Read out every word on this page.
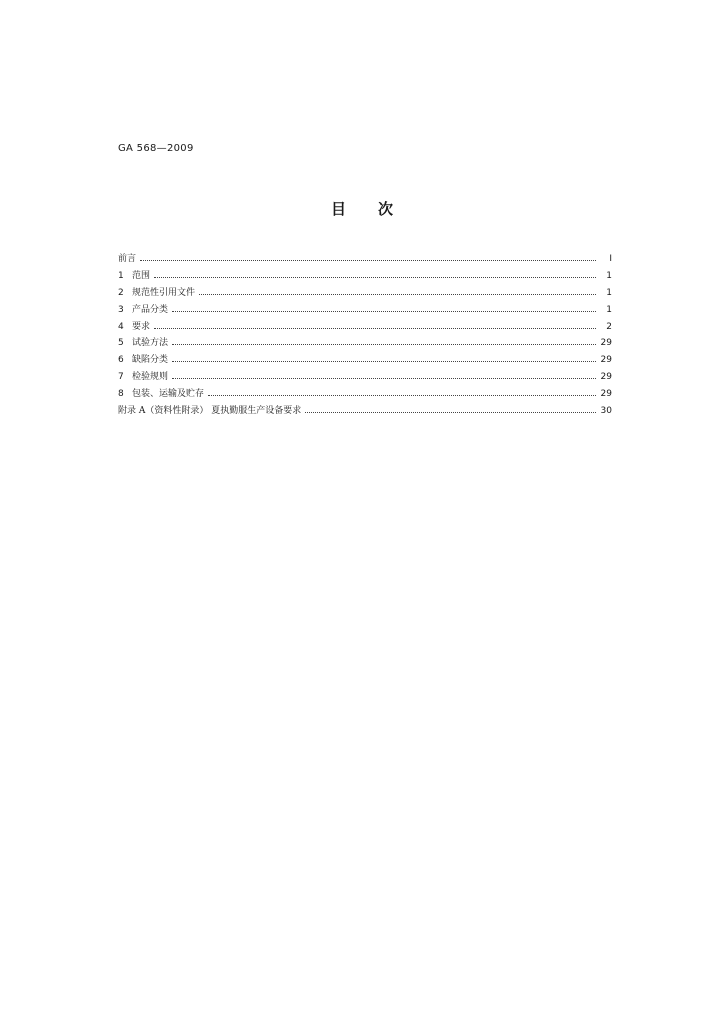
GA 568—2009
目 次
前言	Ⅰ
1 范围	1
2 规范性引用文件	1
3 产品分类	1
4 要求	2
5 试验方法	29
6 缺陷分类	29
7 检验规则	29
8 包装、运输及贮存	29
附录 A（资料性附录） 夏执勤服生产设备要求	30
